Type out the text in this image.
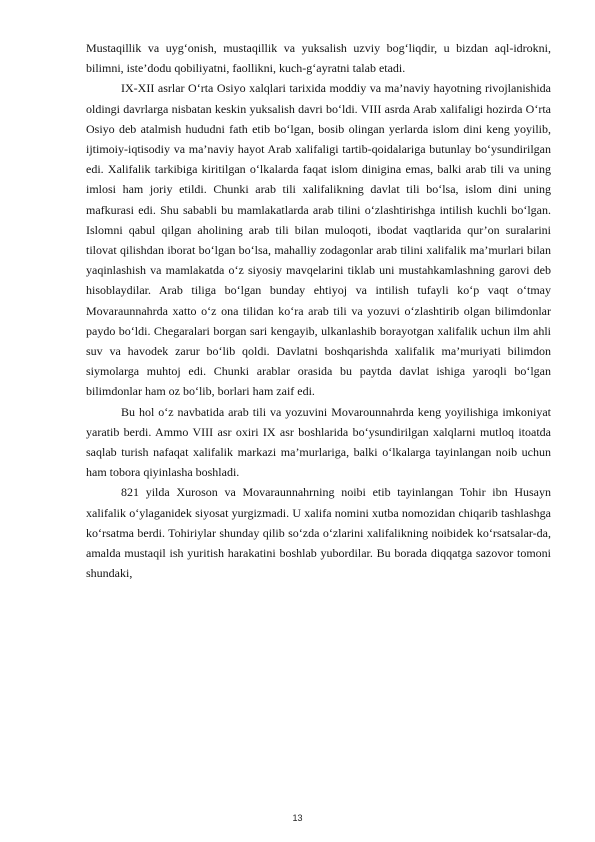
Mustaqillik va uyg‘onish, mustaqillik va yuksalish uzviy bog‘liqdir, u bizdan aql-idrokni, bilimni, iste’dodu qobiliyatni, faollikni, kuch-g‘ayratni talab etadi.

IX-XII asrlar O‘rta Osiyo xalqlari tarixida moddiy va ma’naviy hayotning rivojlanishida oldingi davrlarga nisbatan keskin yuksalish davri bo‘ldi. VIII asrda Arab xalifaligi hozirda O‘rta Osiyo deb atalmish hududni fath etib bo‘lgan, bosib olingan yerlarda islom dini keng yoyilib, ijtimoiy-iqtisodiy va ma’naviy hayot Arab xalifaligi tartib-qoidalariga butunlay bo‘ysundirilgan edi. Xalifalik tarkibiga kiritilgan o‘lkalarda faqat islom dinigina emas, balki arab tili va uning imlosi ham joriy etildi. Chunki arab tili xalifalikning davlat tili bo‘lsa, islom dini uning mafkurasi edi. Shu sababli bu mamlakatlarda arab tilini o‘zlashtirishga intilish kuchli bo‘lgan. Islomni qabul qilgan aholining arab tili bilan muloqoti, ibodat vaqtlarida qur’on suralarini tilovat qilishdan iborat bo‘lgan bo‘lsa, mahalliy zodagonlar arab tilini xalifalik ma’murlari bilan yaqinlashish va mamlakatda o‘z siyosiy mavqelarini tiklab uni mustahkamlashning garovi deb hisoblaydilar. Arab tiliga bo‘lgan bunday ehtiyoj va intilish tufayli ko‘p vaqt o‘tmay Movaraunnahrda xatto o‘z ona tilidan ko‘ra arab tili va yozuvi o‘zlashtirib olgan bilimdonlar paydo bo‘ldi. Chegaralari borgan sari kengayib, ulkanlashib borayotgan xalifalik uchun ilm ahli suv va havodek zarur bo‘lib qoldi. Davlatni boshqarishda xalifalik ma’muriyati bilimdon siymolarga muhtoj edi. Chunki arablar orasida bu paytda davlat ishiga yaroqli bo‘lgan bilimdonlar ham oz bo‘lib, borlari ham zaif edi.

Bu hol o‘z navbatida arab tili va yozuvini Movarounnahrda keng yoyilishiga imkoniyat yaratib berdi. Ammo VIII asr oxiri IX asr boshlarida bo‘ysundirilgan xalqlarni mutloq itoatda saqlab turish nafaqat xalifalik markazi ma’murlariga, balki o‘lkalarga tayinlangan noib uchun ham tobora qiyinlasha boshladi.

821 yilda Xuroson va Movaraunnahrning noibi etib tayinlangan Tohir ibn Husayn xalifalik o‘ylaganidek siyosat yurgizmadi. U xalifa nomini xutba nomozidan chiqarib tashlashga ko‘rsatma berdi. Tohiriylar shunday qilib so‘zda o‘zlarini xalifalikning noibidek ko‘rsatsalar-da, amalda mustaqil ish yuritish harakatini boshlab yubordilar. Bu borada diqqatga sazovor tomoni shundaki,

13
